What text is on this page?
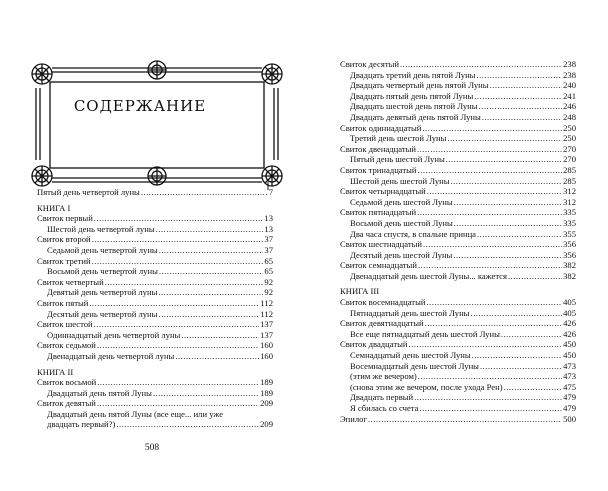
СОДЕРЖАНИЕ
Пятый день четвертой луны .....	7
КНИГА I
Свиток первый .....	13
Шестой день четвертой луны .....	13
Свиток второй .....	37
Седьмой день четвертой луны .....	37
Свиток третий .....	65
Восьмой день четвертой луны .....	65
Свиток четвертый .....	92
Девятый день четвертой луны .....	92
Свиток пятый .....	112
Десятый день четвертой луны .....	112
Свиток шестой .....	137
Одиннадцатый день четвертой луны .....	137
Свиток седьмой .....	160
Двенадцатый день четвертой луны .....	160
КНИГА II
Свиток восьмой .....	189
Двадцатый день пятой Луны .....	189
Свиток девятый .....	209
Двадцатый день пятой Луны (все еще... или уже
двадцать первый?) .....	209
508
Свиток десятый .....	238
Двадцать третий день пятой Луны .....	238
Двадцать четвертый день пятой Луны .....	240
Двадцать пятый день пятой Луны .....	241
Двадцать шестой день пятой Луны .....	246
Двадцать девятый день пятой Луны .....	248
Свиток одиннадцатый .....	250
Третий день шестой Луны .....	250
Свиток двенадцатый .....	270
Пятый день шестой Луны .....	270
Свиток тринадцатый .....	285
Шестой день шестой Луны .....	285
Свиток четырнадцатый .....	312
Седьмой день шестой Луны .....	312
Свиток пятнадцатый .....	335
Восьмой день шестой Луны .....	335
Два часа спустя, в спальне принца .....	355
Свиток шестнадцатый .....	356
Десятый день шестой Луны .....	356
Свиток семнадцатый .....	382
Двенадцатый день шестой Луны... кажется .....	382
КНИГА III
Свиток восемнадцатый .....	405
Пятнадцатый день шестой Луны .....	405
Свиток девятнадцатый .....	426
Все еще пятнадцатый день шестой Луны .....	426
Свиток двадцатый .....	450
Семнадцатый день шестой Луны .....	450
Восемнадцатый день шестой Луны .....	473
(этим же вечером) .....	473
(снова этим же вечером, после ухода Рен) .....	475
Двадцать первый .....	479
Я сбилась со счета .....	479
Эпилог .....	500
